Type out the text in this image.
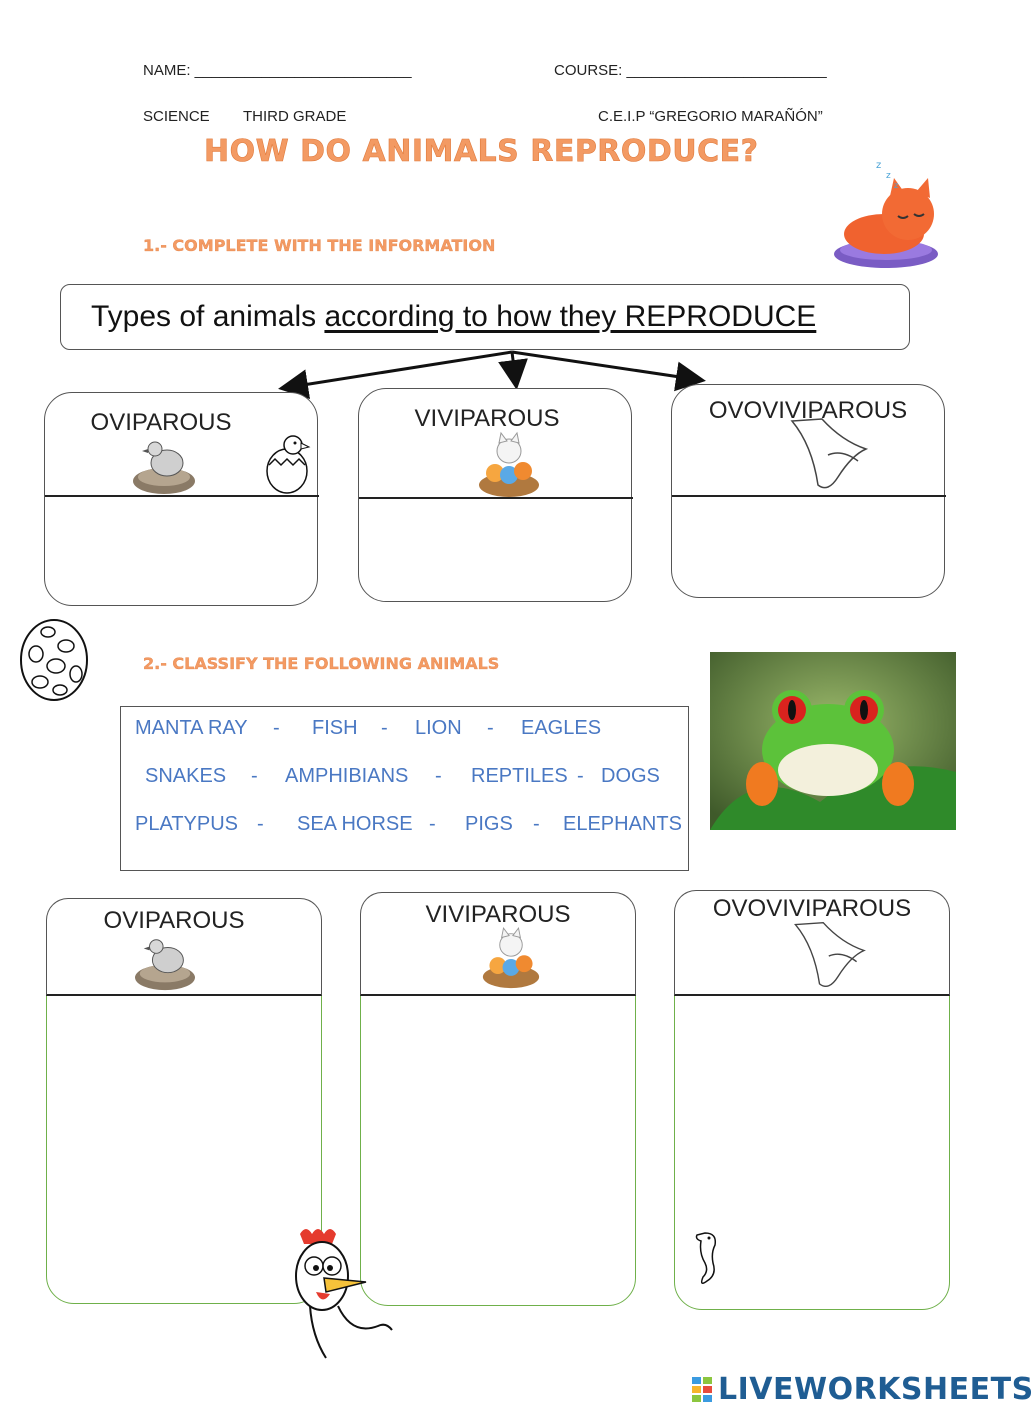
NAME: __________________________	COURSE: ________________________
SCIENCE THIRD GRADE	C.E.I.P “GREGORIO MARAÑÓN”
HOW DO ANIMALS REPRODUCE?	z
z
z
1.- COMPLETE WITH THE INFORMATION
Types of animals according to how they REPRODUCE
OVIPAROUS	VIVIPAROUS	OVOVIVIPAROUS
2.- CLASSIFY THE FOLLOWING ANIMALS
MANTA RAY - FISH - LION - EAGLES
SNAKES - AMPHIBIANS - REPTILES - DOGS
PLATYPUS - SEA HORSE - PIGS - ELEPHANTS
OVIPAROUS	VIVIPAROUS	OVOVIVIPAROUS
LIVEWORKSHEETS
